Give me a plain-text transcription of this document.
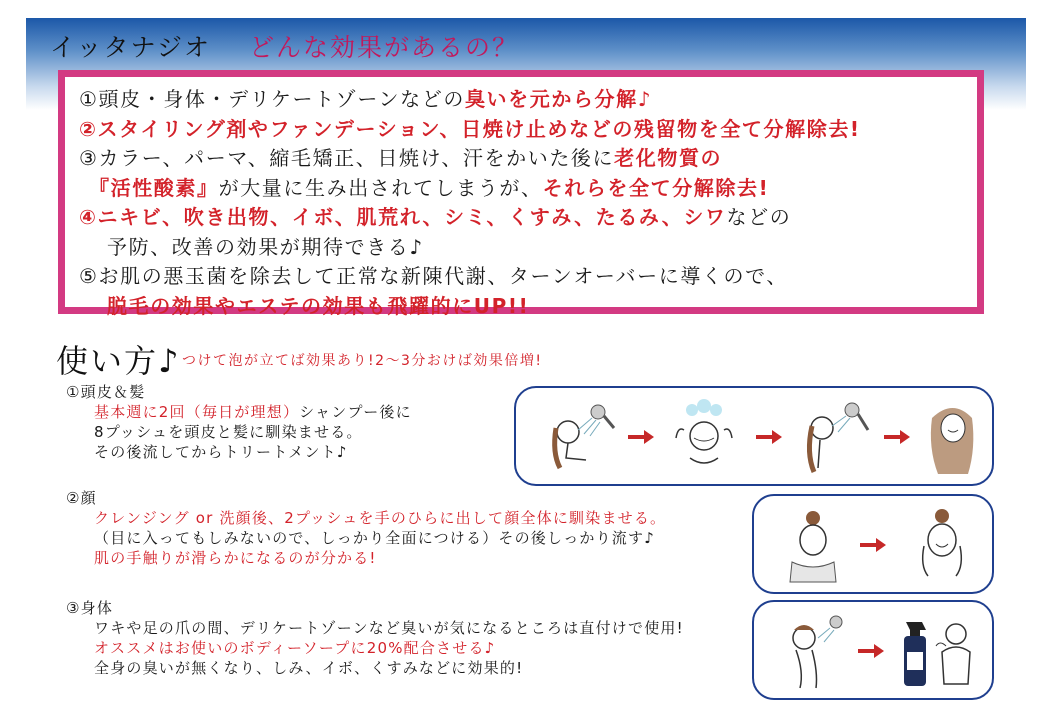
イッタナジオ どんな効果があるの？
①頭皮・身体・デリケートゾーンなどの臭いを元から分解♪
②スタイリング剤やファンデーション、日焼け止めなどの残留物を全て分解除去!
③カラー、パーマ、縮毛矯正、日焼け、汗をかいた後に老化物質の
『活性酸素』が大量に生み出されてしまうが、それらを全て分解除去!
④ニキビ、吹き出物、イボ、肌荒れ、シミ、くすみ、たるみ、シワなどの
予防、改善の効果が期待できる♪
⑤お肌の悪玉菌を除去して正常な新陳代謝、ターンオーバーに導くので、
脱毛の効果やエステの効果も飛躍的にUP!!
使い方♪ つけて泡が立てば効果あり!2〜3分おけば効果倍増!
①頭皮＆髪
基本週に2回（毎日が理想）シャンプー後に
8プッシュを頭皮と髪に馴染ませる。
その後流してからトリートメント♪
②顔
クレンジング or 洗顔後、2プッシュを手のひらに出して顔全体に馴染ませる。
（目に入ってもしみないので、しっかり全面につける）その後しっかり流す♪
肌の手触りが滑らかになるのが分かる!
③身体
ワキや足の爪の間、デリケートゾーンなど臭いが気になるところは直付けで使用!
オススメはお使いのボディーソープに20%配合させる♪
全身の臭いが無くなり、しみ、イボ、くすみなどに効果的!
